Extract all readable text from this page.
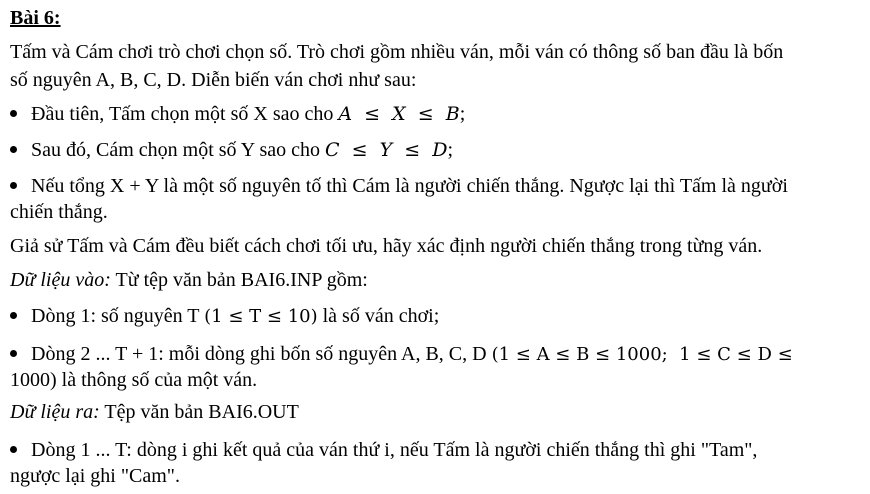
Bài 6:
Tấm và Cám chơi trò chơi chọn số. Trò chơi gồm nhiều ván, mỗi ván có thông số ban đầu là bốn
số nguyên A, B, C, D. Diễn biến ván chơi như sau:
Đầu tiên, Tấm chọn một số X sao cho A  ≤  X  ≤  B;
Sau đó, Cám chọn một số Y sao cho C  ≤  Y  ≤  D;
Nếu tổng X + Y là một số nguyên tố thì Cám là người chiến thắng. Ngược lại thì Tấm là người
chiến thắng.
Giả sử Tấm và Cám đều biết cách chơi tối ưu, hãy xác định người chiến thắng trong từng ván.
Dữ liệu vào: Từ tệp văn bản BAI6.INP gồm:
Dòng 1: số nguyên T (1 ≤ T ≤ 10) là số ván chơi;
Dòng 2 ... T + 1: mỗi dòng ghi bốn số nguyên A, B, C, D (1 ≤ A ≤ B ≤ 1000;  1 ≤ C ≤ D ≤
1000) là thông số của một ván.
Dữ liệu ra: Tệp văn bản BAI6.OUT
Dòng 1 ... T: dòng i ghi kết quả của ván thứ i, nếu Tấm là người chiến thắng thì ghi "Tam",
ngược lại ghi "Cam".
